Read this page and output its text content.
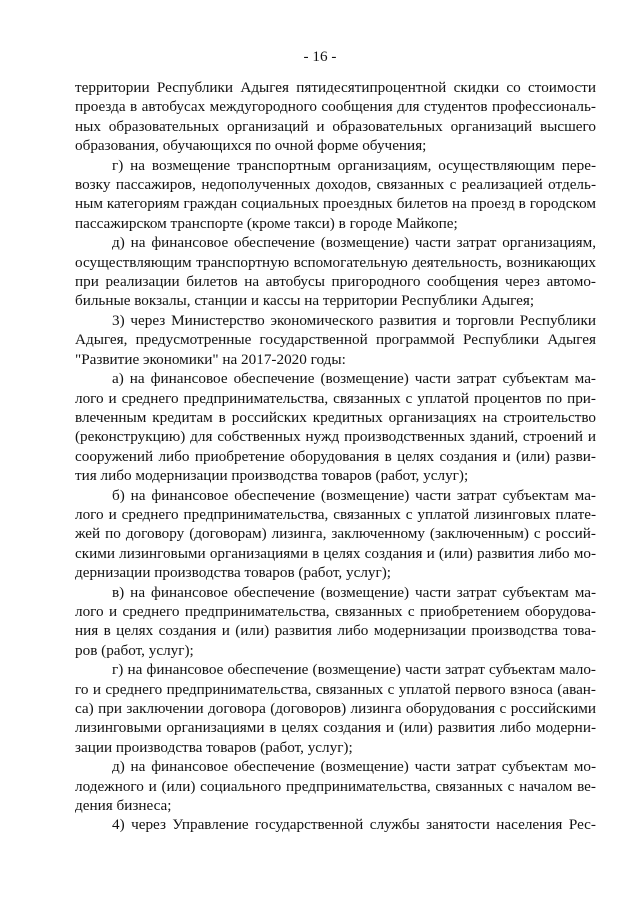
- 16 -
территории Республики Адыгея пятидесятипроцентной скидки со стоимости
проезда в автобусах междугородного сообщения для студентов профессиональ-
ных образовательных организаций и образовательных организаций высшего
образования, обучающихся по очной форме обучения;
г) на возмещение транспортным организациям, осуществляющим пере-
возку пассажиров, недополученных доходов, связанных с реализацией отдель-
ным категориям граждан социальных проездных билетов на проезд в городском
пассажирском транспорте (кроме такси) в городе Майкопе;
д) на финансовое обеспечение (возмещение) части затрат организациям,
осуществляющим транспортную вспомогательную деятельность, возникающих
при реализации билетов на автобусы пригородного сообщения через автомо-
бильные вокзалы, станции и кассы на территории Республики Адыгея;
3) через Министерство экономического развития и торговли Республики
Адыгея, предусмотренные государственной программой Республики Адыгея
"Развитие экономики" на 2017-2020 годы:
а) на финансовое обеспечение (возмещение) части затрат субъектам ма-
лого и среднего предпринимательства, связанных с уплатой процентов по при-
влеченным кредитам в российских кредитных организациях на строительство
(реконструкцию) для собственных нужд производственных зданий, строений и
сооружений либо приобретение оборудования в целях создания и (или) разви-
тия либо модернизации производства товаров (работ, услуг);
б) на финансовое обеспечение (возмещение) части затрат субъектам ма-
лого и среднего предпринимательства, связанных с уплатой лизинговых плате-
жей по договору (договорам) лизинга, заключенному (заключенным) с россий-
скими лизинговыми организациями в целях создания и (или) развития либо мо-
дернизации производства товаров (работ, услуг);
в) на финансовое обеспечение (возмещение) части затрат субъектам ма-
лого и среднего предпринимательства, связанных с приобретением оборудова-
ния в целях создания и (или) развития либо модернизации производства това-
ров (работ, услуг);
г) на финансовое обеспечение (возмещение) части затрат субъектам мало-
го и среднего предпринимательства, связанных с уплатой первого взноса (аван-
са) при заключении договора (договоров) лизинга оборудования с российскими
лизинговыми организациями в целях создания и (или) развития либо модерни-
зации производства товаров (работ, услуг);
д) на финансовое обеспечение (возмещение) части затрат субъектам мо-
лодежного и (или) социального предпринимательства, связанных с началом ве-
дения бизнеса;
4) через Управление государственной службы занятости населения Рес-
